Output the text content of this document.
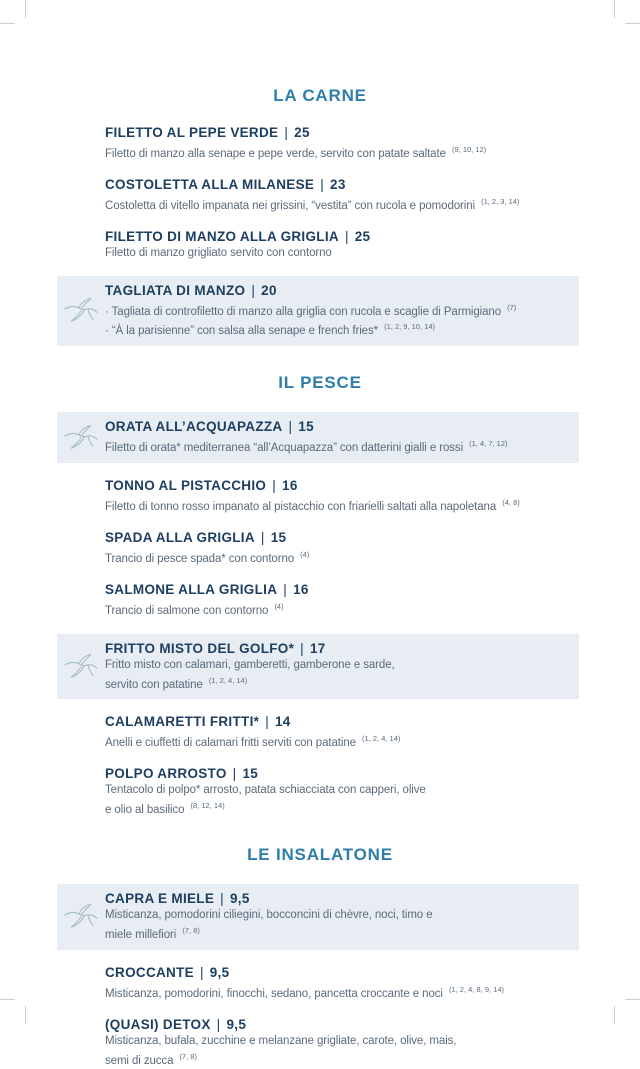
LA CARNE
FILETTO AL PEPE VERDE | 25

Filetto di manzo alla senape e pepe verde, servito con patate saltate $^{(9, 10, 12)}$

COSTOLETTA ALLA MILANESE | 23

Costoletta di vitello impanata nei grissini, “vestita” con rucola e pomodorini $^{(1, 2, 3, 14)}$

FILETTO DI MANZO ALLA GRIGLIA | 25

Filetto di manzo grigliato servito con contorno

TAGLIATA DI MANZO | 20

· Tagliata di controfiletto di manzo alla griglia con rucola e scaglie di Parmigiano $^{(7)}$
· “À la parisienne” con salsa alla senape e french fries* $^{(1, 2, 9, 10, 14)}$

IL PESCE
ORATA ALL’ACQUAPAZZA | 15

Filetto di orata* mediterranea “all’Acquapazza” con datterini gialli e rossi $^{(1, 4, 7, 12)}$

TONNO AL PISTACCHIO | 16

Filetto di tonno rosso impanato al pistacchio con friarielli saltati alla napoletana $^{(4, 8)}$

SPADA ALLA GRIGLIA | 15

Trancio di pesce spada* con contorno $^{(4)}$

SALMONE ALLA GRIGLIA | 16

Trancio di salmone con contorno $^{(4)}$

FRITTO MISTO DEL GOLFO* | 17

Fritto misto con calamari, gamberetti, gamberone e sarde,
servito con patatine $^{(1, 2, 4, 14)}$

CALAMARETTI FRITTI* | 14

Anelli e ciuffetti di calamari fritti serviti con patatine $^{(1, 2, 4, 14)}$

POLPO ARROSTO | 15

Tentacolo di polpo* arrosto, patata schiacciata con capperi, olive
e olio al basilico $^{(8, 12, 14)}$

LE INSALATONE
CAPRA E MIELE | 9,5

Misticanza, pomodorini ciliegini, bocconcini di chèvre, noci, timo e
miele millefiori $^{(7, 8)}$

CROCCANTE | 9,5

Misticanza, pomodorini, finocchi, sedano, pancetta croccante e noci $^{(1, 2, 4, 8, 9, 14)}$

(QUASI) DETOX | 9,5

Misticanza, bufala, zucchine e melanzane grigliate, carote, olive, mais,
semi di zucca $^{(7, 8)}$
